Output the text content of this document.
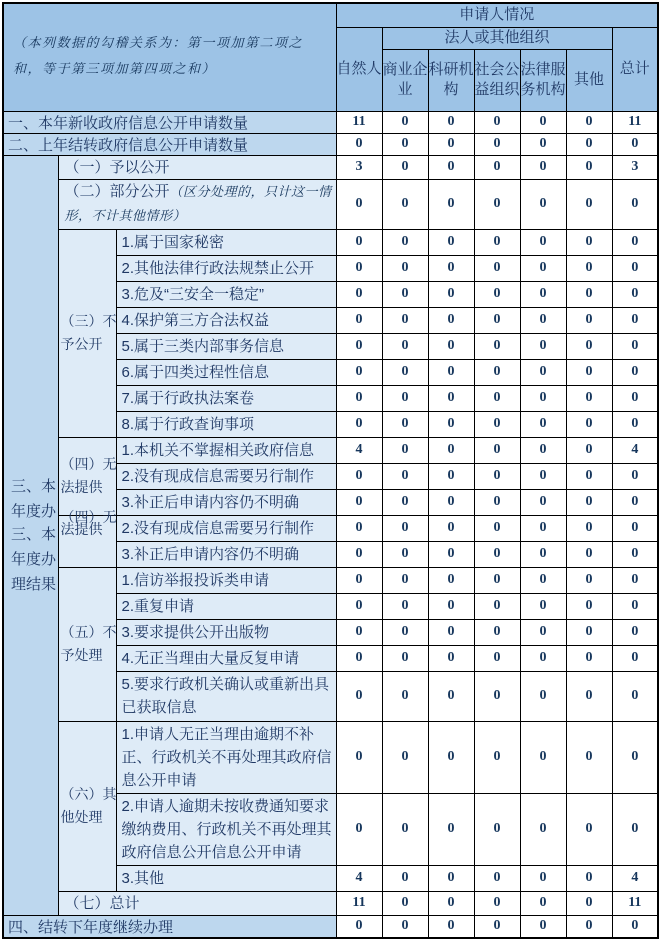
（本列数据的勾稽关系为：第一项加第二项之和，等于第三项加第四项之和）			申请人情况						
			自然人	法人或其他组织					总计
				商业企业	科研机构	社会公益组织	法律服务机构	其他	
一、本年新收政府信息公开申请数量			11	0	0	0	0	0	11
二、上年结转政府信息公开申请数量			0	0	0	0	0	0	0

三、本
年度办
三、本
年度办
理结果	（一）予以公开		3	0	0	0	0	0	3
	（二）部分公开（区分处理的，只计这一情形，不计其他情形）		0	0	0	0	0	0	0

	（三）不
予公开	1.属于国家秘密	0	0	0	0	0	0	0
		2.其他法律行政法规禁止公开	0	0	0	0	0	0	0
		3.危及“三安全一稳定”	0	0	0	0	0	0	0
		4.保护第三方合法权益	0	0	0	0	0	0	0
		5.属于三类内部事务信息	0	0	0	0	0	0	0
		6.属于四类过程性信息	0	0	0	0	0	0	0
		7.属于行政执法案卷	0	0	0	0	0	0	0
		8.属于行政查询事项	0	0	0	0	0	0	0

	（四）无
法提供	1.本机关不掌握相关政府信息	4	0	0	0	0	0	4
		2.没有现成信息需要另行制作	0	0	0	0	0	0	0
		3.补正后申请内容仍不明确	0	0	0	0	0	0	0

	（四）无
法提供	2.没有现成信息需要另行制作	0	0	0	0	0	0	0
		3.补正后申请内容仍不明确	0	0	0	0	0	0	0

	（五）不
予处理	1.信访举报投诉类申请	0	0	0	0	0	0	0
		2.重复申请	0	0	0	0	0	0	0
		3.要求提供公开出版物	0	0	0	0	0	0	0
		4.无正当理由大量反复申请	0	0	0	0	0	0	0
		5.要求行政机关确认或重新出具已获取信息	0	0	0	0	0	0	0

	（六）其
他处理	1.申请人无正当理由逾期不补正、行政机关不再处理其政府信息公开申请	0	0	0	0	0	0	0
		2.申请人逾期未按收费通知要求缴纳费用、行政机关不再处理其政府信息公开信息公开申请	0	0	0	0	0	0	0
		3.其他	4	0	0	0	0	0	4
	（七）总计		11	0	0	0	0	0	11
四、结转下年度继续办理			0	0	0	0	0	0	0
